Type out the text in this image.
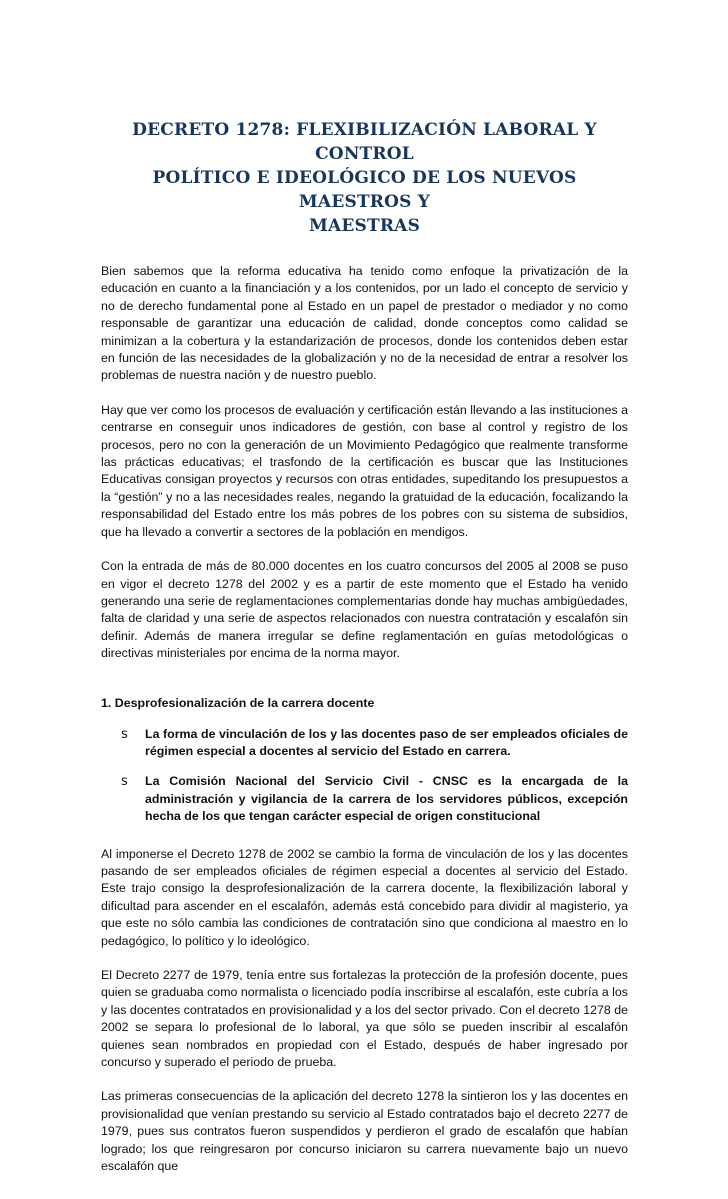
DECRETO 1278: FLEXIBILIZACIÓN LABORAL Y CONTROL
POLÍTICO E IDEOLÓGICO DE LOS NUEVOS MAESTROS Y
MAESTRAS

Bien sabemos que la reforma educativa ha tenido como enfoque la privatización de la educación en cuanto a la financiación y a los contenidos, por un lado el concepto de servicio y no de derecho fundamental pone al Estado en un papel de prestador o mediador y no como responsable de garantizar una educación de calidad, donde conceptos como calidad se minimizan a la cobertura y la estandarización de procesos, donde los contenidos deben estar en función de las necesidades de la globalización y no de la necesidad de entrar a resolver los problemas de nuestra nación y de nuestro pueblo.

Hay que ver como los procesos de evaluación y certificación están llevando a las instituciones a centrarse en conseguir unos indicadores de gestión, con base al control y registro de los procesos, pero no con la generación de un Movimiento Pedagógico que realmente transforme las prácticas educativas; el trasfondo de la certificación es buscar que las Instituciones Educativas consigan proyectos y recursos con otras entidades, supeditando los presupuestos a la “gestión” y no a las necesidades reales, negando la gratuidad de la educación, focalizando la responsabilidad del Estado entre los más pobres de los pobres con su sistema de subsidios, que ha llevado a convertir a sectores de la población en mendigos.

Con la entrada de más de 80.000 docentes en los cuatro concursos del 2005 al 2008 se puso en vigor el decreto 1278 del 2002 y es a partir de este momento que el Estado ha venido generando una serie de reglamentaciones complementarias donde hay muchas ambigüedades, falta de claridad y una serie de aspectos relacionados con nuestra contratación y escalafón sin definir. Además de manera irregular se define reglamentación en guías metodológicas o directivas ministeriales por encima de la norma mayor.

1. Desprofesionalización de la carrera docente
s	La forma de vinculación de los y las docentes paso de ser empleados oficiales de régimen especial a docentes al servicio del Estado en carrera.
s	La Comisión Nacional del Servicio Civil - CNSC es la encargada de la administración y vigilancia de la carrera de los servidores públicos, excepción hecha de los que tengan carácter especial de origen constitucional

Al imponerse el Decreto 1278 de 2002 se cambio la forma de vinculación de los y las docentes pasando de ser empleados oficiales de régimen especial a docentes al servicio del Estado. Este trajo consigo la desprofesionalización de la carrera docente, la flexibilización laboral y dificultad para ascender en el escalafón, además está concebido para dividir al magisterio, ya que este no sólo cambia las condiciones de contratación sino que condiciona al maestro en lo pedagógico, lo político y lo ideológico.

El Decreto 2277 de 1979, tenía entre sus fortalezas la protección de la profesión docente, pues quien se graduaba como normalista o licenciado podía inscribirse al escalafón, este cubría a los y las docentes contratados en provisionalidad y a los del sector privado. Con el decreto 1278 de 2002 se separa lo profesional de lo laboral, ya que sólo se pueden inscribir al escalafón quienes sean nombrados en propiedad con el Estado, después de haber ingresado por concurso y superado el periodo de prueba.

Las primeras consecuencias de la aplicación del decreto 1278 la sintieron los y las docentes en provisionalidad que venían prestando su servicio al Estado contratados bajo el decreto 2277 de 1979, pues sus contratos fueron suspendidos y perdieron el grado de escalafón que habían logrado; los que reingresaron por concurso iniciaron su carrera nuevamente bajo un nuevo escalafón que
